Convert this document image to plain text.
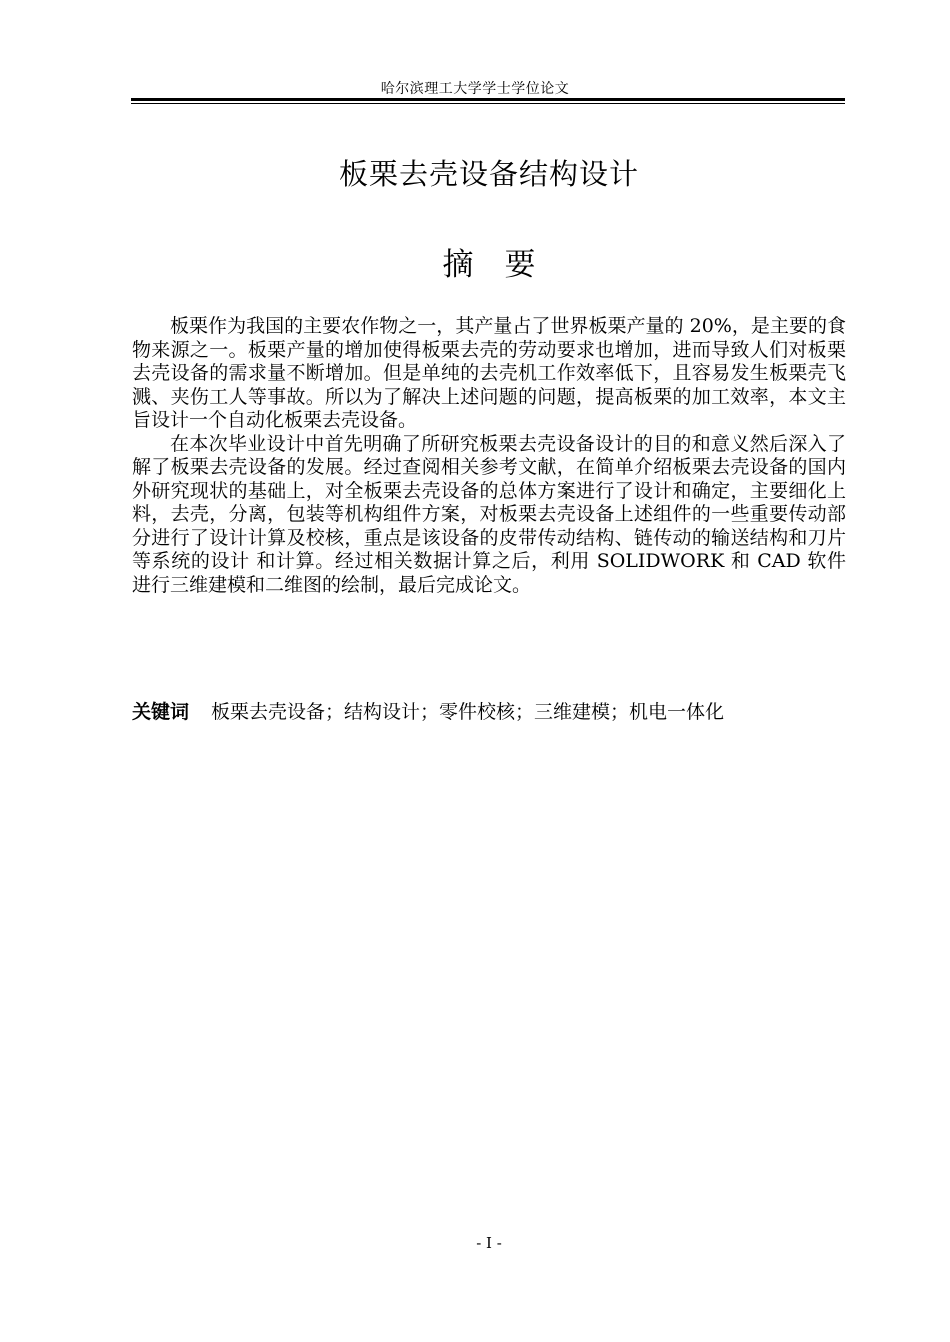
哈尔滨理工大学学士学位论文
板栗去壳设备结构设计
摘　要

板栗作为我国的主要农作物之一，其产量占了世界板栗产量的 20%，是主要的食物来源之一。板栗产量的增加使得板栗去壳的劳动要求也增加，进而导致人们对板栗去壳设备的需求量不断增加。但是单纯的去壳机工作效率低下，且容易发生板栗壳飞溅、夹伤工人等事故。所以为了解决上述问题的问题，提高板栗的加工效率，本文主旨设计一个自动化板栗去壳设备。

在本次毕业设计中首先明确了所研究板栗去壳设备设计的目的和意义然后深入了解了板栗去壳设备的发展。经过查阅相关参考文献，在简单介绍板栗去壳设备的国内外研究现状的基础上，对全板栗去壳设备的总体方案进行了设计和确定，主要细化上料，去壳，分离，包装等机构组件方案，对板栗去壳设备上述组件的一些重要传动部分进行了设计计算及校核，重点是该设备的皮带传动结构、链传动的输送结构和刀片等系统的设计 和计算。经过相关数据计算之后，利用 SOLIDWORK 和 CAD 软件进行三维建模和二维图的绘制，最后完成论文。

关键词 板栗去壳设备；结构设计；零件校核；三维建模；机电一体化
- I -
